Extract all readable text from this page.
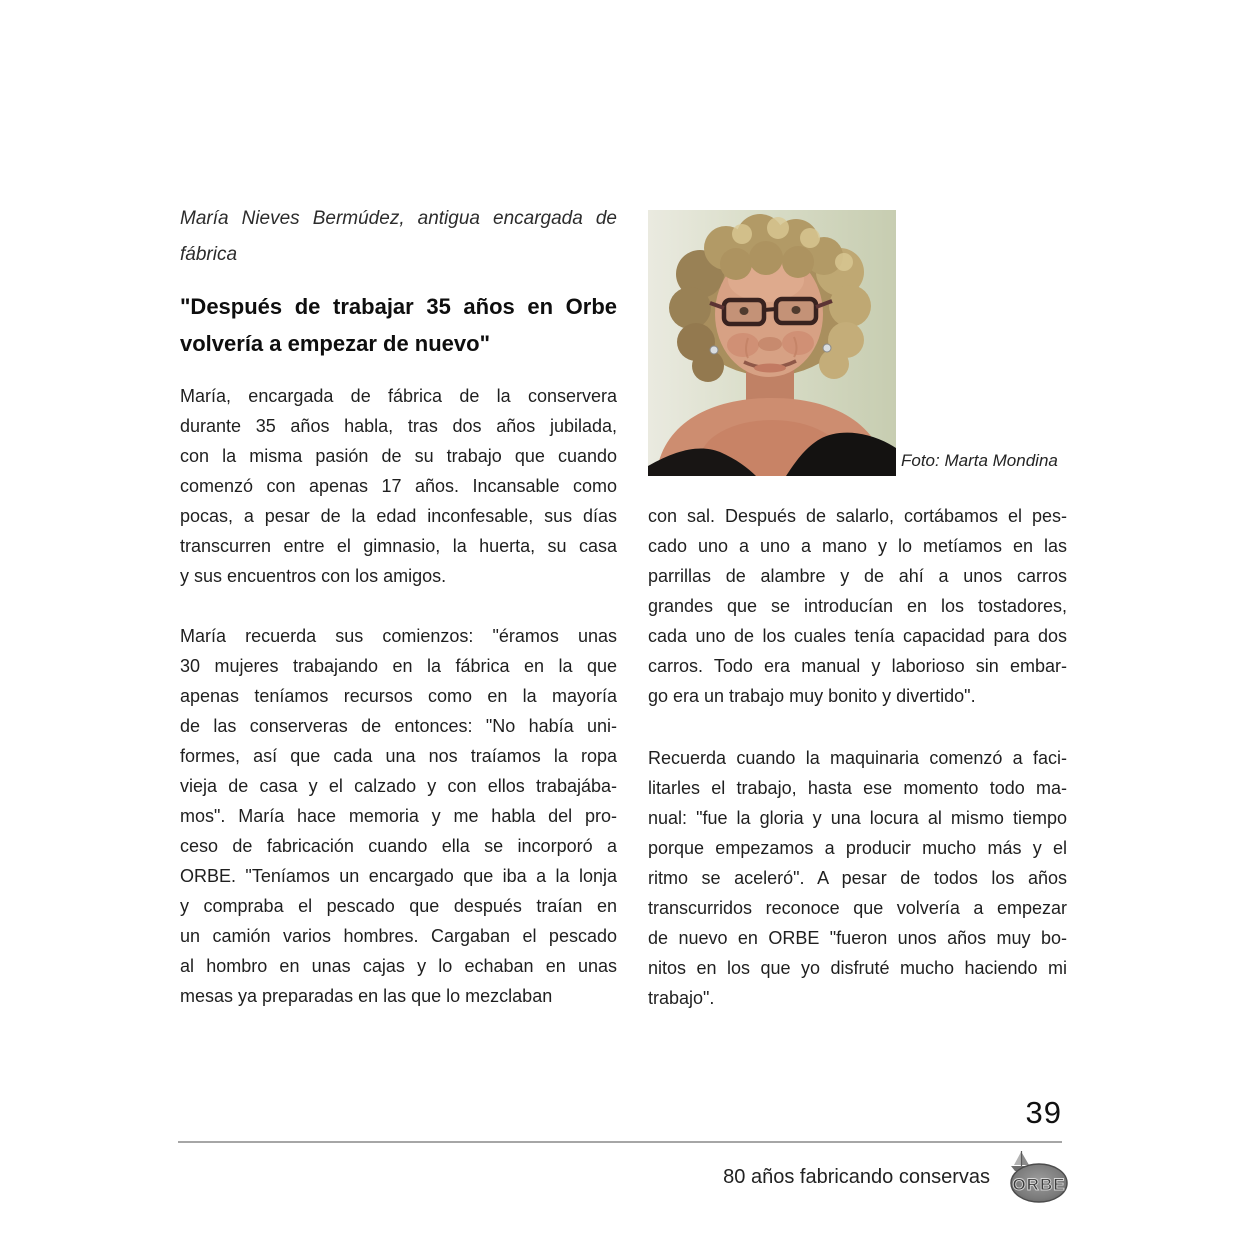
María Nieves Bermúdez, antigua encargada de
fábrica
"Después de trabajar 35 años en Orbe
volvería a empezar de nuevo"
María, encargada de fábrica de la conservera
durante 35 años habla, tras dos años jubilada,
con la misma pasión de su trabajo que cuando
comenzó con apenas 17 años. Incansable como
pocas, a pesar de la edad inconfesable, sus días
transcurren entre el gimnasio, la huerta, su casa
y sus encuentros con los amigos.
María recuerda sus comienzos: "éramos unas
30 mujeres trabajando en la fábrica en la que
apenas teníamos recursos como en la mayoría
de las conserveras de entonces: "No había uni-
formes, así que cada una nos traíamos la ropa
vieja de casa y el calzado y con ellos trabajába-
mos". María hace memoria y me habla del pro-
ceso de fabricación cuando ella se incorporó a
ORBE. "Teníamos un encargado que iba a la lonja
y compraba el pescado que después traían en
un camión varios hombres. Cargaban el pescado
al hombro en unas cajas y lo echaban en unas
mesas ya preparadas en las que lo mezclaban
Foto: Marta Mondina
con sal. Después de salarlo, cortábamos el pes-
cado uno a uno a mano y lo metíamos en las
parrillas de alambre y de ahí a unos carros
grandes que se introducían en los tostadores,
cada uno de los cuales tenía capacidad para dos
carros. Todo era manual y laborioso sin embar-
go era un trabajo muy bonito y divertido".
Recuerda cuando la maquinaria comenzó a faci-
litarles el trabajo, hasta ese momento todo ma-
nual: "fue la gloria y una locura al mismo tiempo
porque empezamos a producir mucho más y el
ritmo se aceleró". A pesar de todos los años
transcurridos reconoce que volvería a empezar
de nuevo en ORBE "fueron unos años muy bo-
nitos en los que yo disfruté mucho haciendo mi
trabajo".
39
80 años fabricando conservas ORBE
